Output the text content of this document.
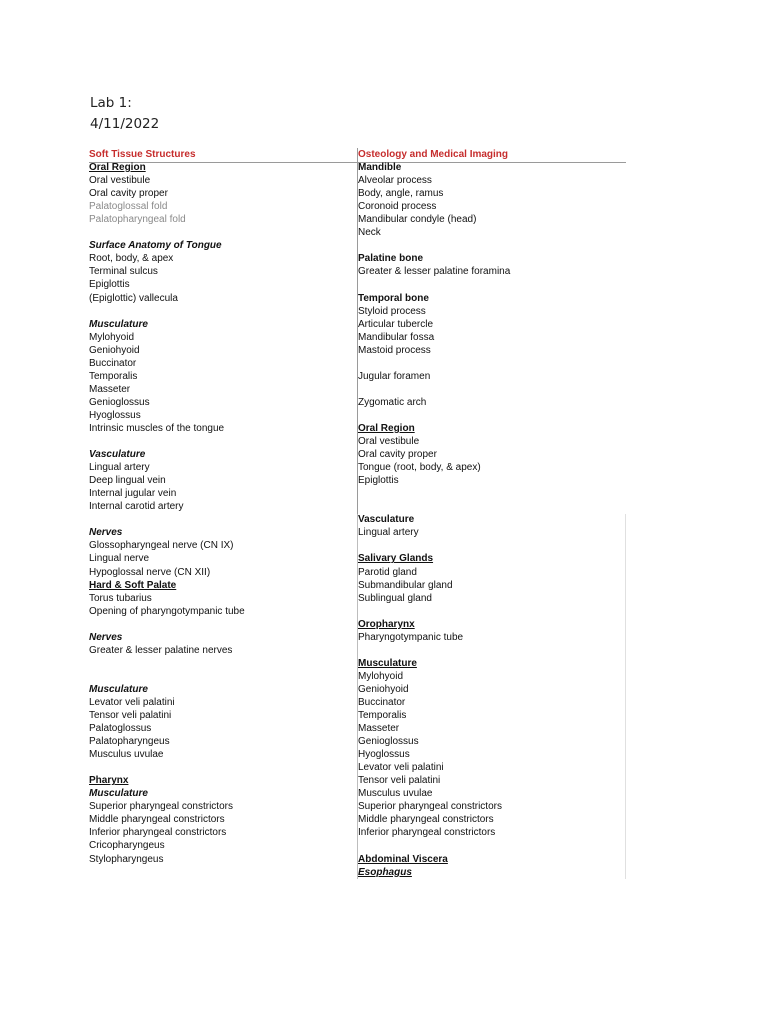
Lab 1:
4/11/2022
Soft Tissue Structures
Oral Region
Oral vestibule
Oral cavity proper
Palatoglossal fold
Palatopharyngeal fold
Surface Anatomy of Tongue
Root, body, & apex
Terminal sulcus
Epiglottis
(Epiglottic) vallecula
Musculature
Mylohyoid
Geniohyoid
Buccinator
Temporalis
Masseter
Genioglossus
Hyoglossus
Intrinsic muscles of the tongue
Vasculature
Lingual artery
Deep lingual vein
Internal jugular vein
Internal carotid artery
Nerves
Glossopharyngeal nerve (CN IX)
Lingual nerve
Hypoglossal nerve (CN XII)
Hard & Soft Palate
Torus tubarius
Opening of pharyngotympanic tube
Nerves
Greater & lesser palatine nerves
Musculature
Levator veli palatini
Tensor veli palatini
Palatoglossus
Palatopharyngeus
Musculus uvulae
Pharynx
Musculature
Superior pharyngeal constrictors
Middle pharyngeal constrictors
Inferior pharyngeal constrictors
Cricopharyngeus
Stylopharyngeus
Osteology and Medical Imaging
Mandible
Alveolar process
Body, angle, ramus
Coronoid process
Mandibular condyle (head)
Neck
Palatine bone
Greater & lesser palatine foramina
Temporal bone
Styloid process
Articular tubercle
Mandibular fossa
Mastoid process
Jugular foramen
Zygomatic arch
Oral Region
Oral vestibule
Oral cavity proper
Tongue (root, body, & apex)
Epiglottis
Vasculature
Lingual artery
Salivary Glands
Parotid gland
Submandibular gland
Sublingual gland
Oropharynx
Pharyngotympanic tube
Musculature
Mylohyoid
Geniohyoid
Buccinator
Temporalis
Masseter
Genioglossus
Hyoglossus
Levator veli palatini
Tensor veli palatini
Musculus uvulae
Superior pharyngeal constrictors
Middle pharyngeal constrictors
Inferior pharyngeal constrictors
Abdominal Viscera
Esophagus
